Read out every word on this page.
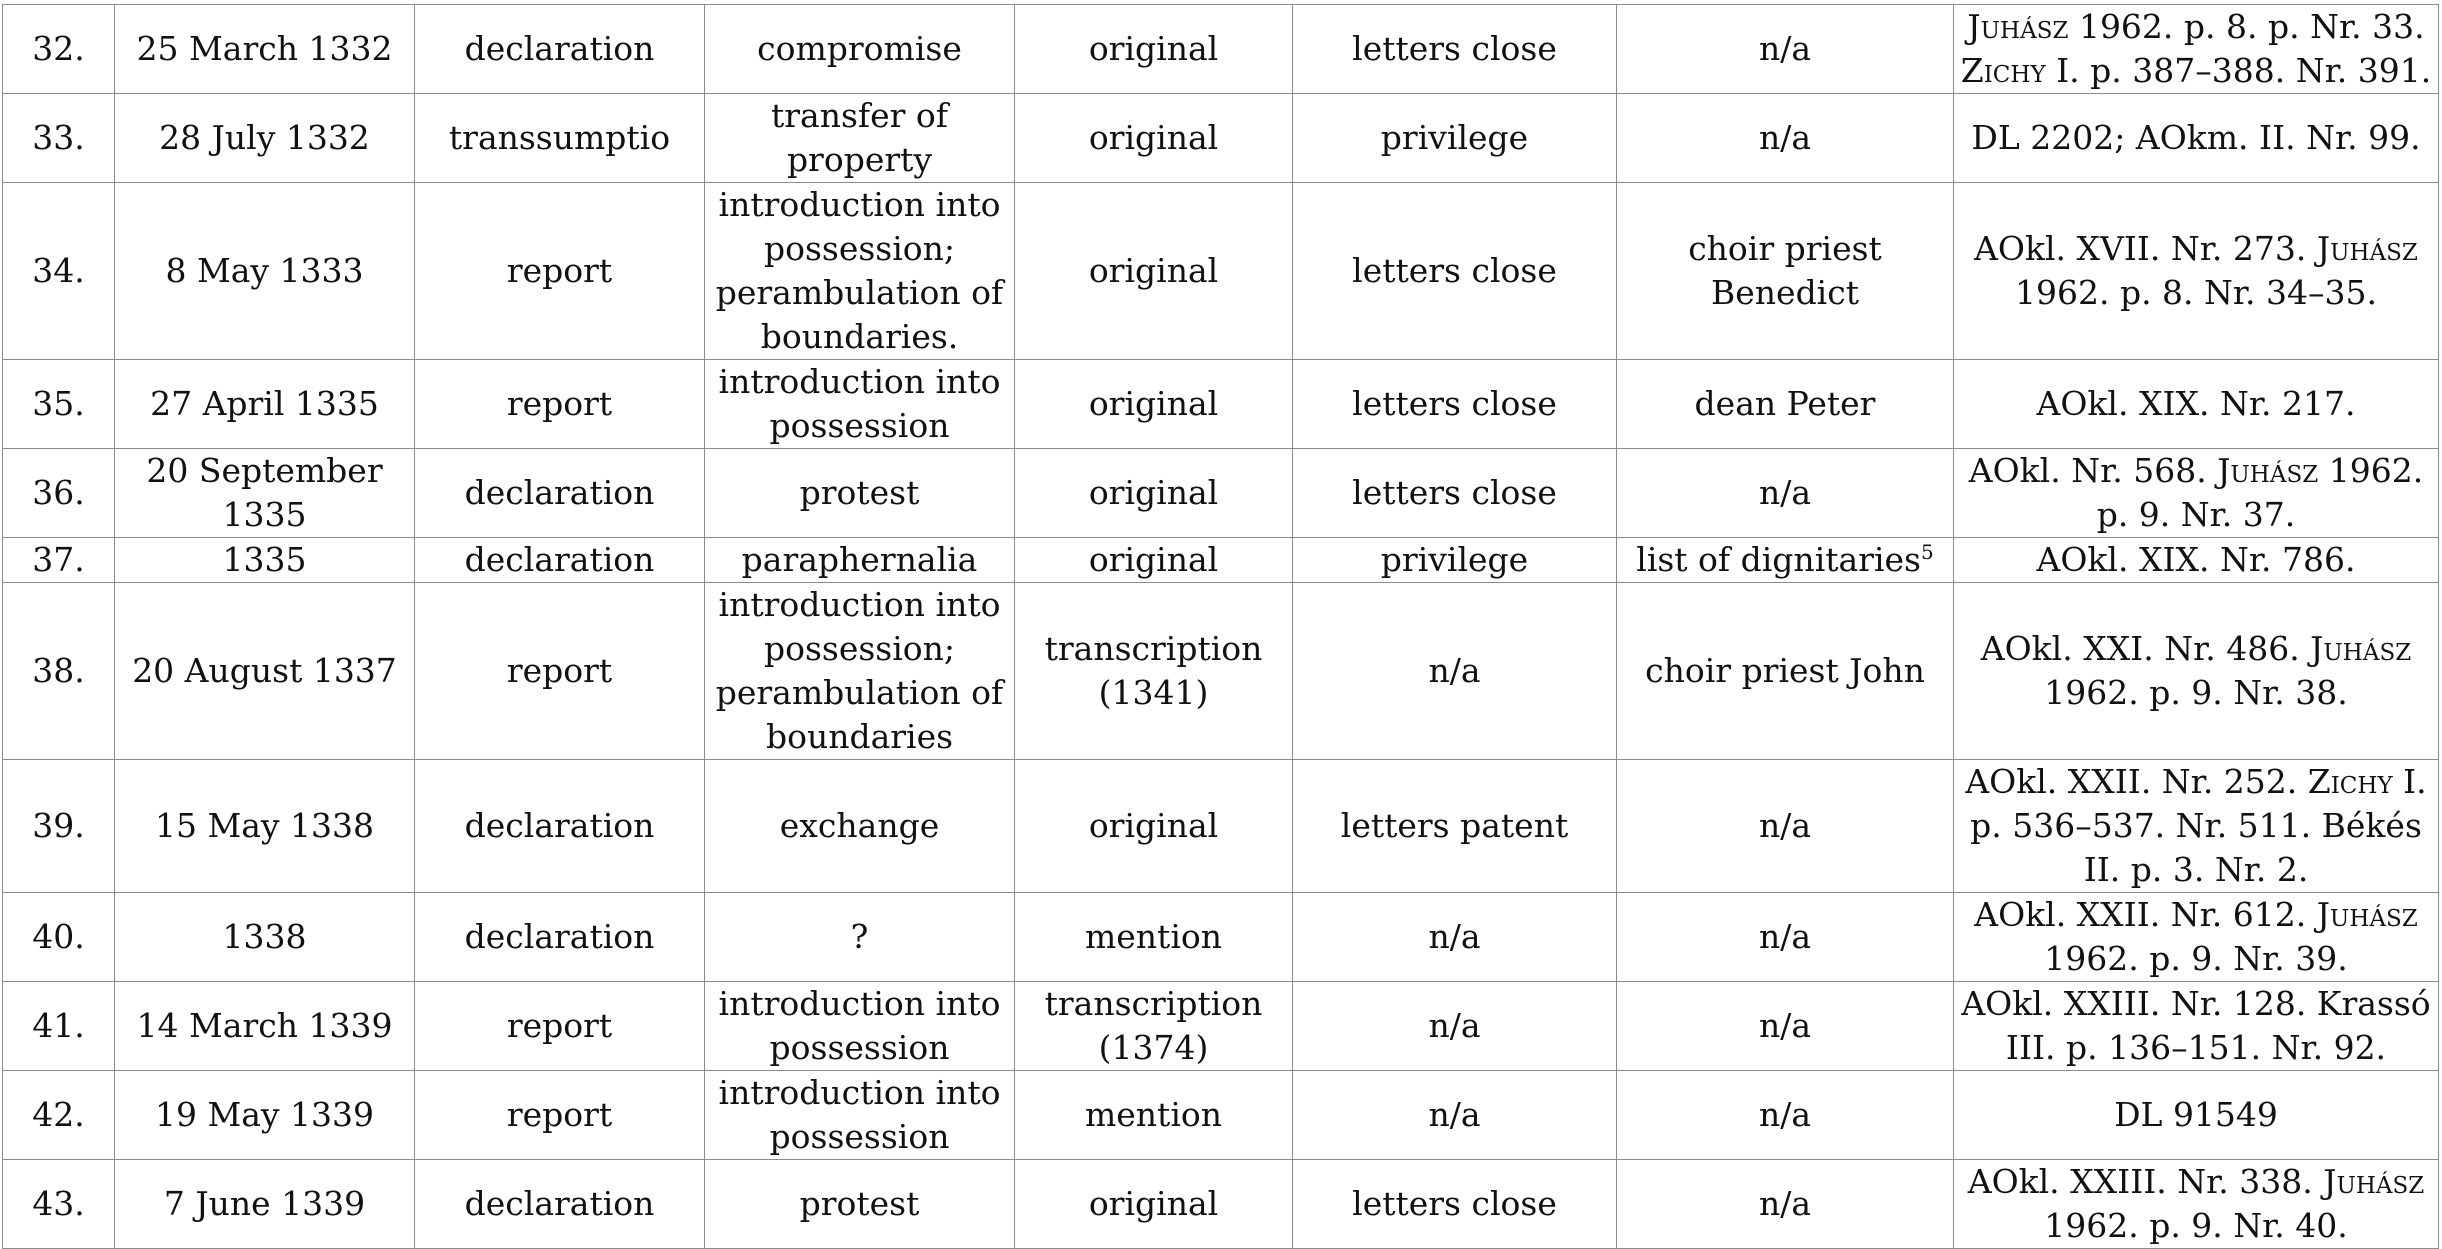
32.	25 March 1332	declaration	compromise	original	letters close	n/a	Juhász 1962. p. 8. p. Nr. 33. Zichy I. p. 387–388. Nr. 391.
33.	28 July 1332	transsumptio	transfer of property	original	privilege	n/a	DL 2202; AOkm. II. Nr. 99.
34.	8 May 1333	report	introduction into possession; perambulation of boundaries.	original	letters close	choir priest Benedict	AOkl. XVII. Nr. 273. Juhász 1962. p. 8. Nr. 34–35.
35.	27 April 1335	report	introduction into possession	original	letters close	dean Peter	AOkl. XIX. Nr. 217.
36.	20 September 1335	declaration	protest	original	letters close	n/a	AOkl. Nr. 568. Juhász 1962. p. 9. Nr. 37.
37.	1335	declaration	paraphernalia	original	privilege	list of dignitaries$^5$	AOkl. XIX. Nr. 786.
38.	20 August 1337	report	introduction into possession; perambulation of boundaries	transcription (1341)	n/a	choir priest John	AOkl. XXI. Nr. 486. Juhász 1962. p. 9. Nr. 38.
39.	15 May 1338	declaration	exchange	original	letters patent	n/a	AOkl. XXII. Nr. 252. Zichy I. p. 536–537. Nr. 511. Békés II. p. 3. Nr. 2.
40.	1338	declaration	?	mention	n/a	n/a	AOkl. XXII. Nr. 612. Juhász 1962. p. 9. Nr. 39.
41.	14 March 1339	report	introduction into possession	transcription (1374)	n/a	n/a	AOkl. XXIII. Nr. 128. Krassó III. p. 136–151. Nr. 92.
42.	19 May 1339	report	introduction into possession	mention	n/a	n/a	DL 91549
43.	7 June 1339	declaration	protest	original	letters close	n/a	AOkl. XXIII. Nr. 338. Juhász 1962. p. 9. Nr. 40.
